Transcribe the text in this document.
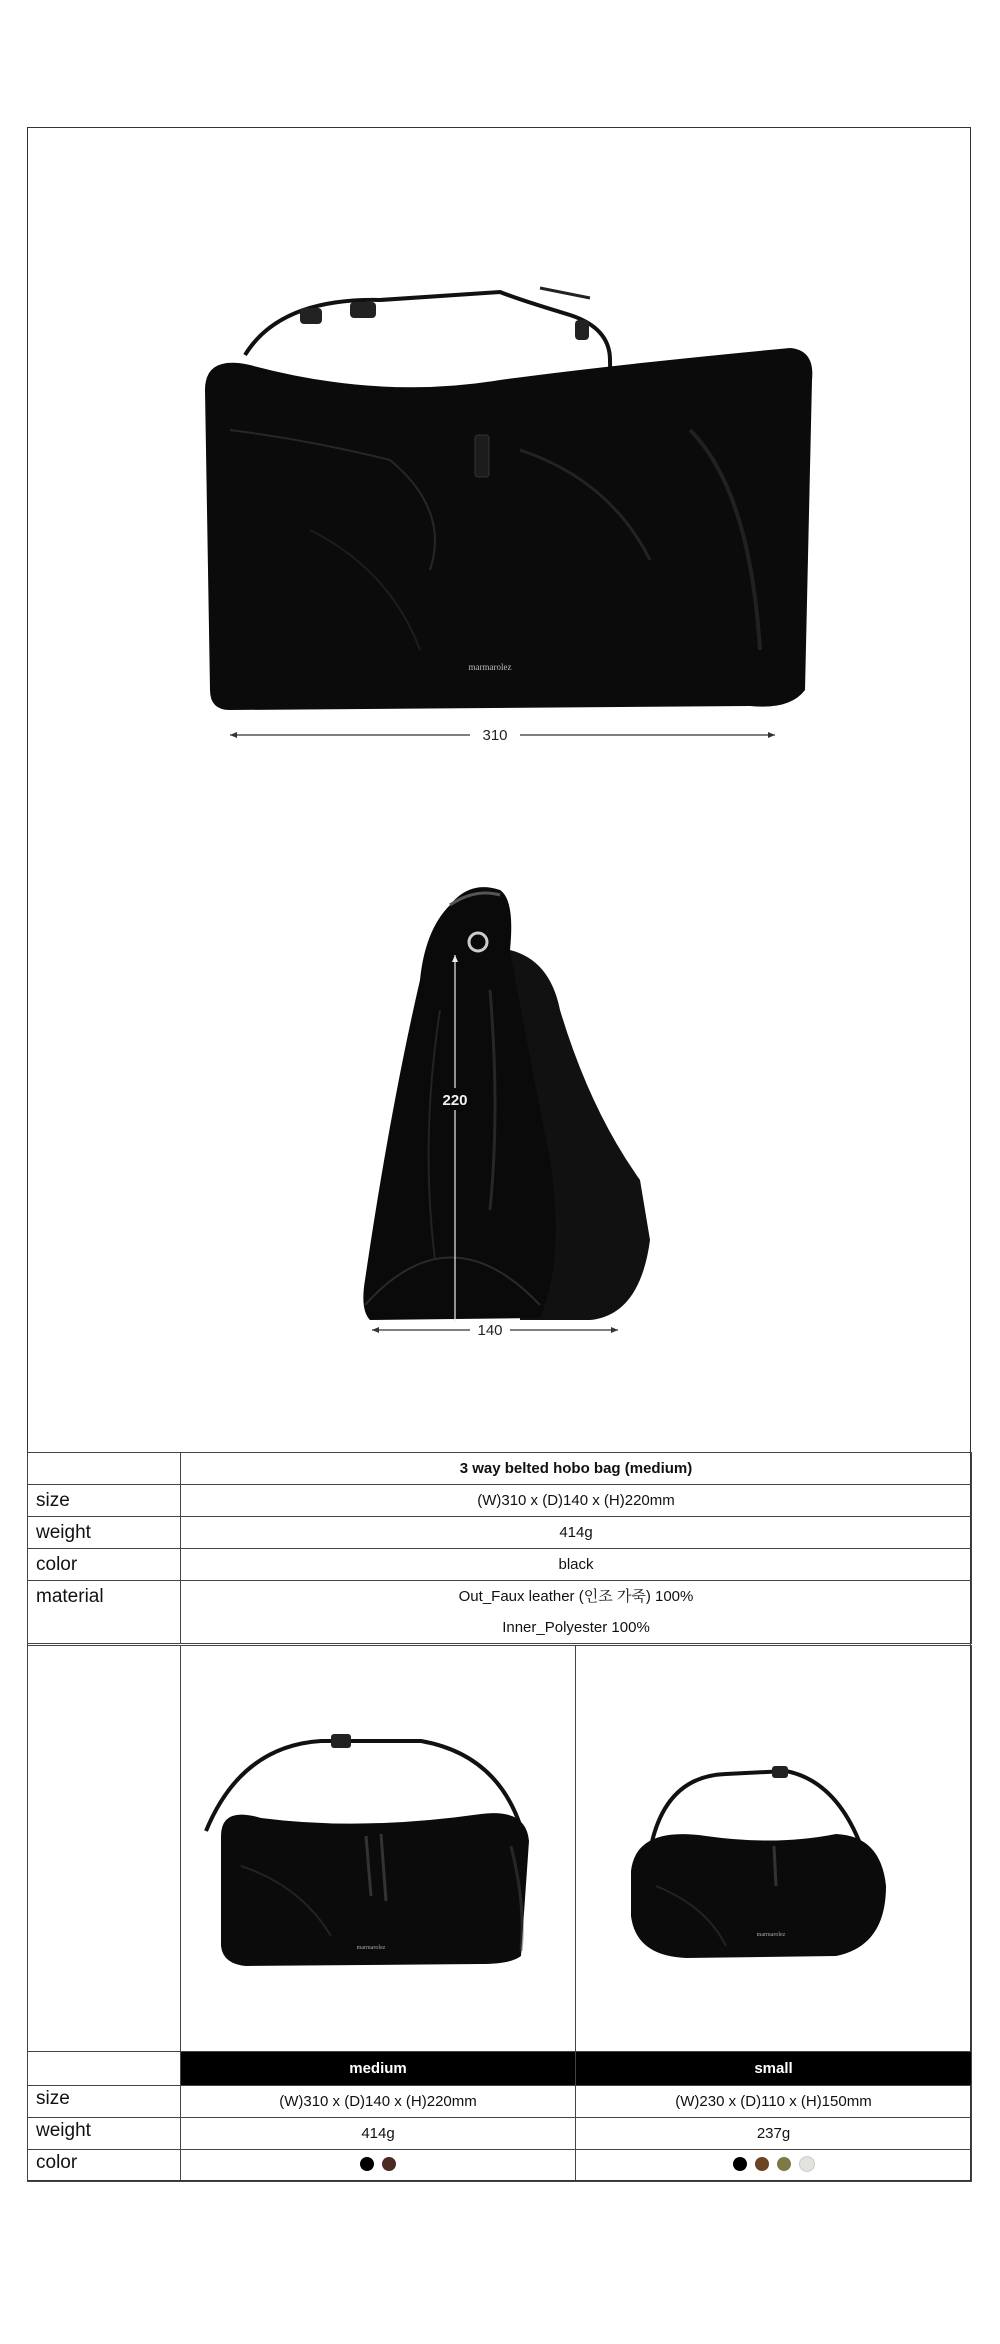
marmarolez
310
220
140
	3 way belted hobo bag (medium)
size	(W)310 x (D)140 x (H)220mm
weight	414g
color	black
material	Out_Faux leather (인조 가죽) 100%
Inner_Polyester 100%

marmarolez	marmarolez

	medium	small
size	(W)310 x (D)140 x (H)220mm	(W)230 x (D)110 x (H)150mm
weight	414g	237g
color	
